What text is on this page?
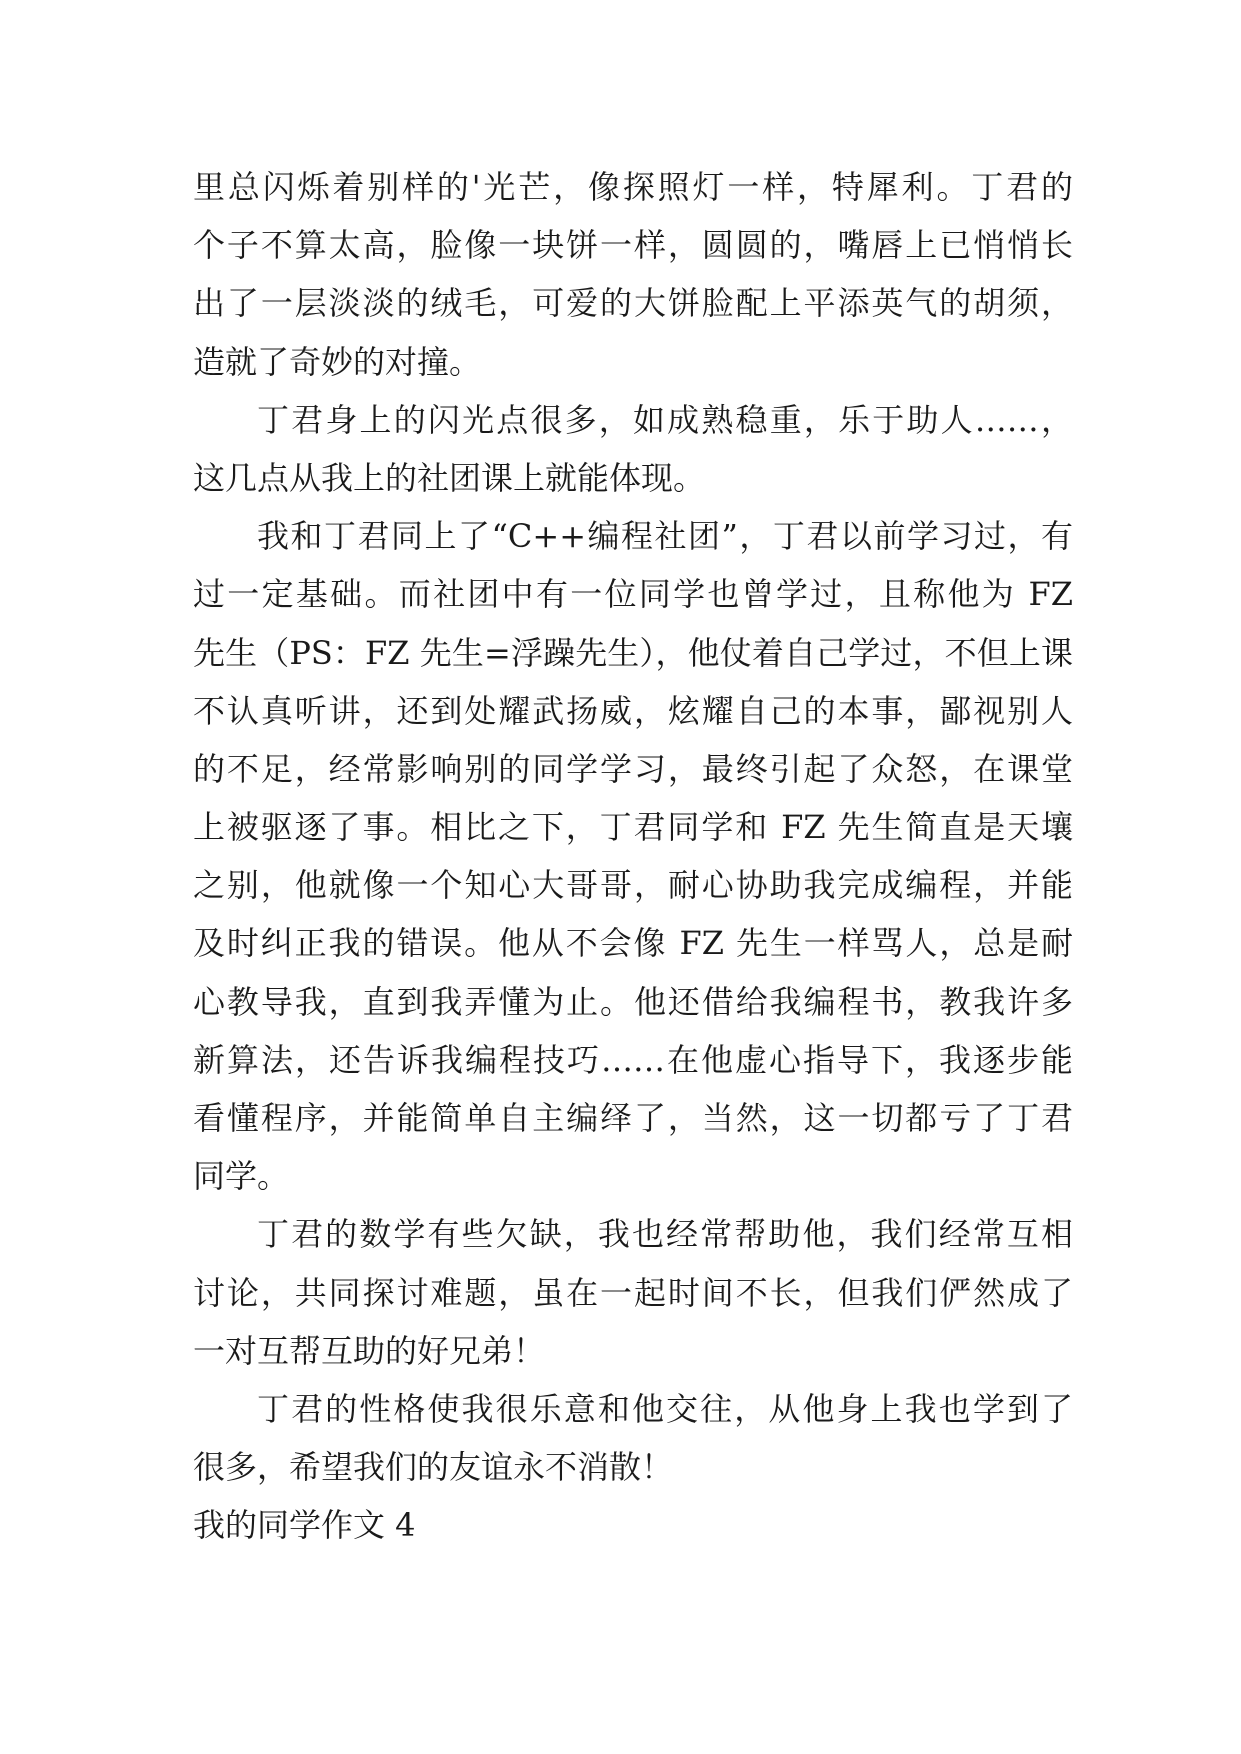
里总闪烁着别样的'光芒，像探照灯一样，特犀利。丁君的
个子不算太高，脸像一块饼一样，圆圆的，嘴唇上已悄悄长
出了一层淡淡的绒毛，可爱的大饼脸配上平添英气的胡须，
造就了奇妙的对撞。
丁君身上的闪光点很多，如成熟稳重，乐于助人……，
这几点从我上的社团课上就能体现。
我和丁君同上了“C++编程社团”，丁君以前学习过，有
过一定基础。而社团中有一位同学也曾学过，且称他为 FZ
先生（PS：FZ 先生=浮躁先生），他仗着自己学过，不但上课
不认真听讲，还到处耀武扬威，炫耀自己的本事，鄙视别人
的不足，经常影响别的同学学习，最终引起了众怒，在课堂
上被驱逐了事。相比之下，丁君同学和 FZ 先生简直是天壤
之别，他就像一个知心大哥哥，耐心协助我完成编程，并能
及时纠正我的错误。他从不会像 FZ 先生一样骂人，总是耐
心教导我，直到我弄懂为止。他还借给我编程书，教我许多
新算法，还告诉我编程技巧……在他虚心指导下，我逐步能
看懂程序，并能简单自主编绎了，当然，这一切都亏了丁君
同学。
丁君的数学有些欠缺，我也经常帮助他，我们经常互相
讨论，共同探讨难题，虽在一起时间不长，但我们俨然成了
一对互帮互助的好兄弟！
丁君的性格使我很乐意和他交往，从他身上我也学到了
很多，希望我们的友谊永不消散！
我的同学作文 4
